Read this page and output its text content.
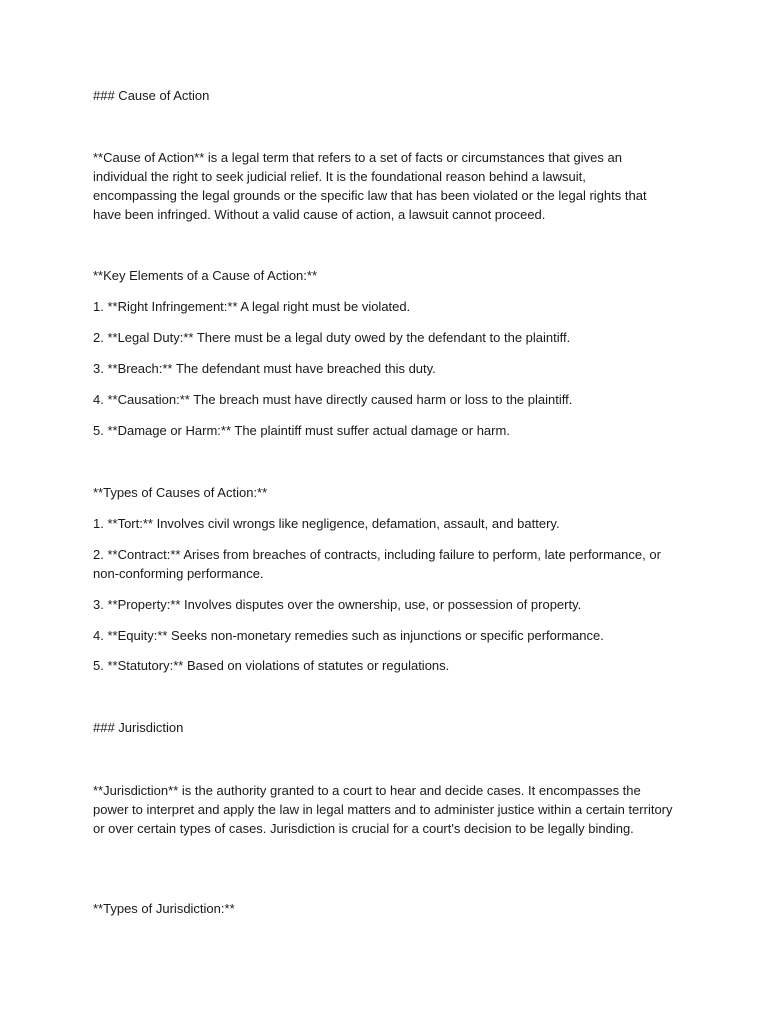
### Cause of Action

**Cause of Action** is a legal term that refers to a set of facts or circumstances that gives an individual the right to seek judicial relief. It is the foundational reason behind a lawsuit, encompassing the legal grounds or the specific law that has been violated or the legal rights that have been infringed. Without a valid cause of action, a lawsuit cannot proceed.

**Key Elements of a Cause of Action:**

1. **Right Infringement:** A legal right must be violated.

2. **Legal Duty:** There must be a legal duty owed by the defendant to the plaintiff.

3. **Breach:** The defendant must have breached this duty.

4. **Causation:** The breach must have directly caused harm or loss to the plaintiff.

5. **Damage or Harm:** The plaintiff must suffer actual damage or harm.

**Types of Causes of Action:**

1. **Tort:** Involves civil wrongs like negligence, defamation, assault, and battery.

2. **Contract:** Arises from breaches of contracts, including failure to perform, late performance, or non-conforming performance.

3. **Property:** Involves disputes over the ownership, use, or possession of property.

4. **Equity:** Seeks non-monetary remedies such as injunctions or specific performance.

5. **Statutory:** Based on violations of statutes or regulations.

### Jurisdiction

**Jurisdiction** is the authority granted to a court to hear and decide cases. It encompasses the power to interpret and apply the law in legal matters and to administer justice within a certain territory or over certain types of cases. Jurisdiction is crucial for a court's decision to be legally binding.

**Types of Jurisdiction:**
